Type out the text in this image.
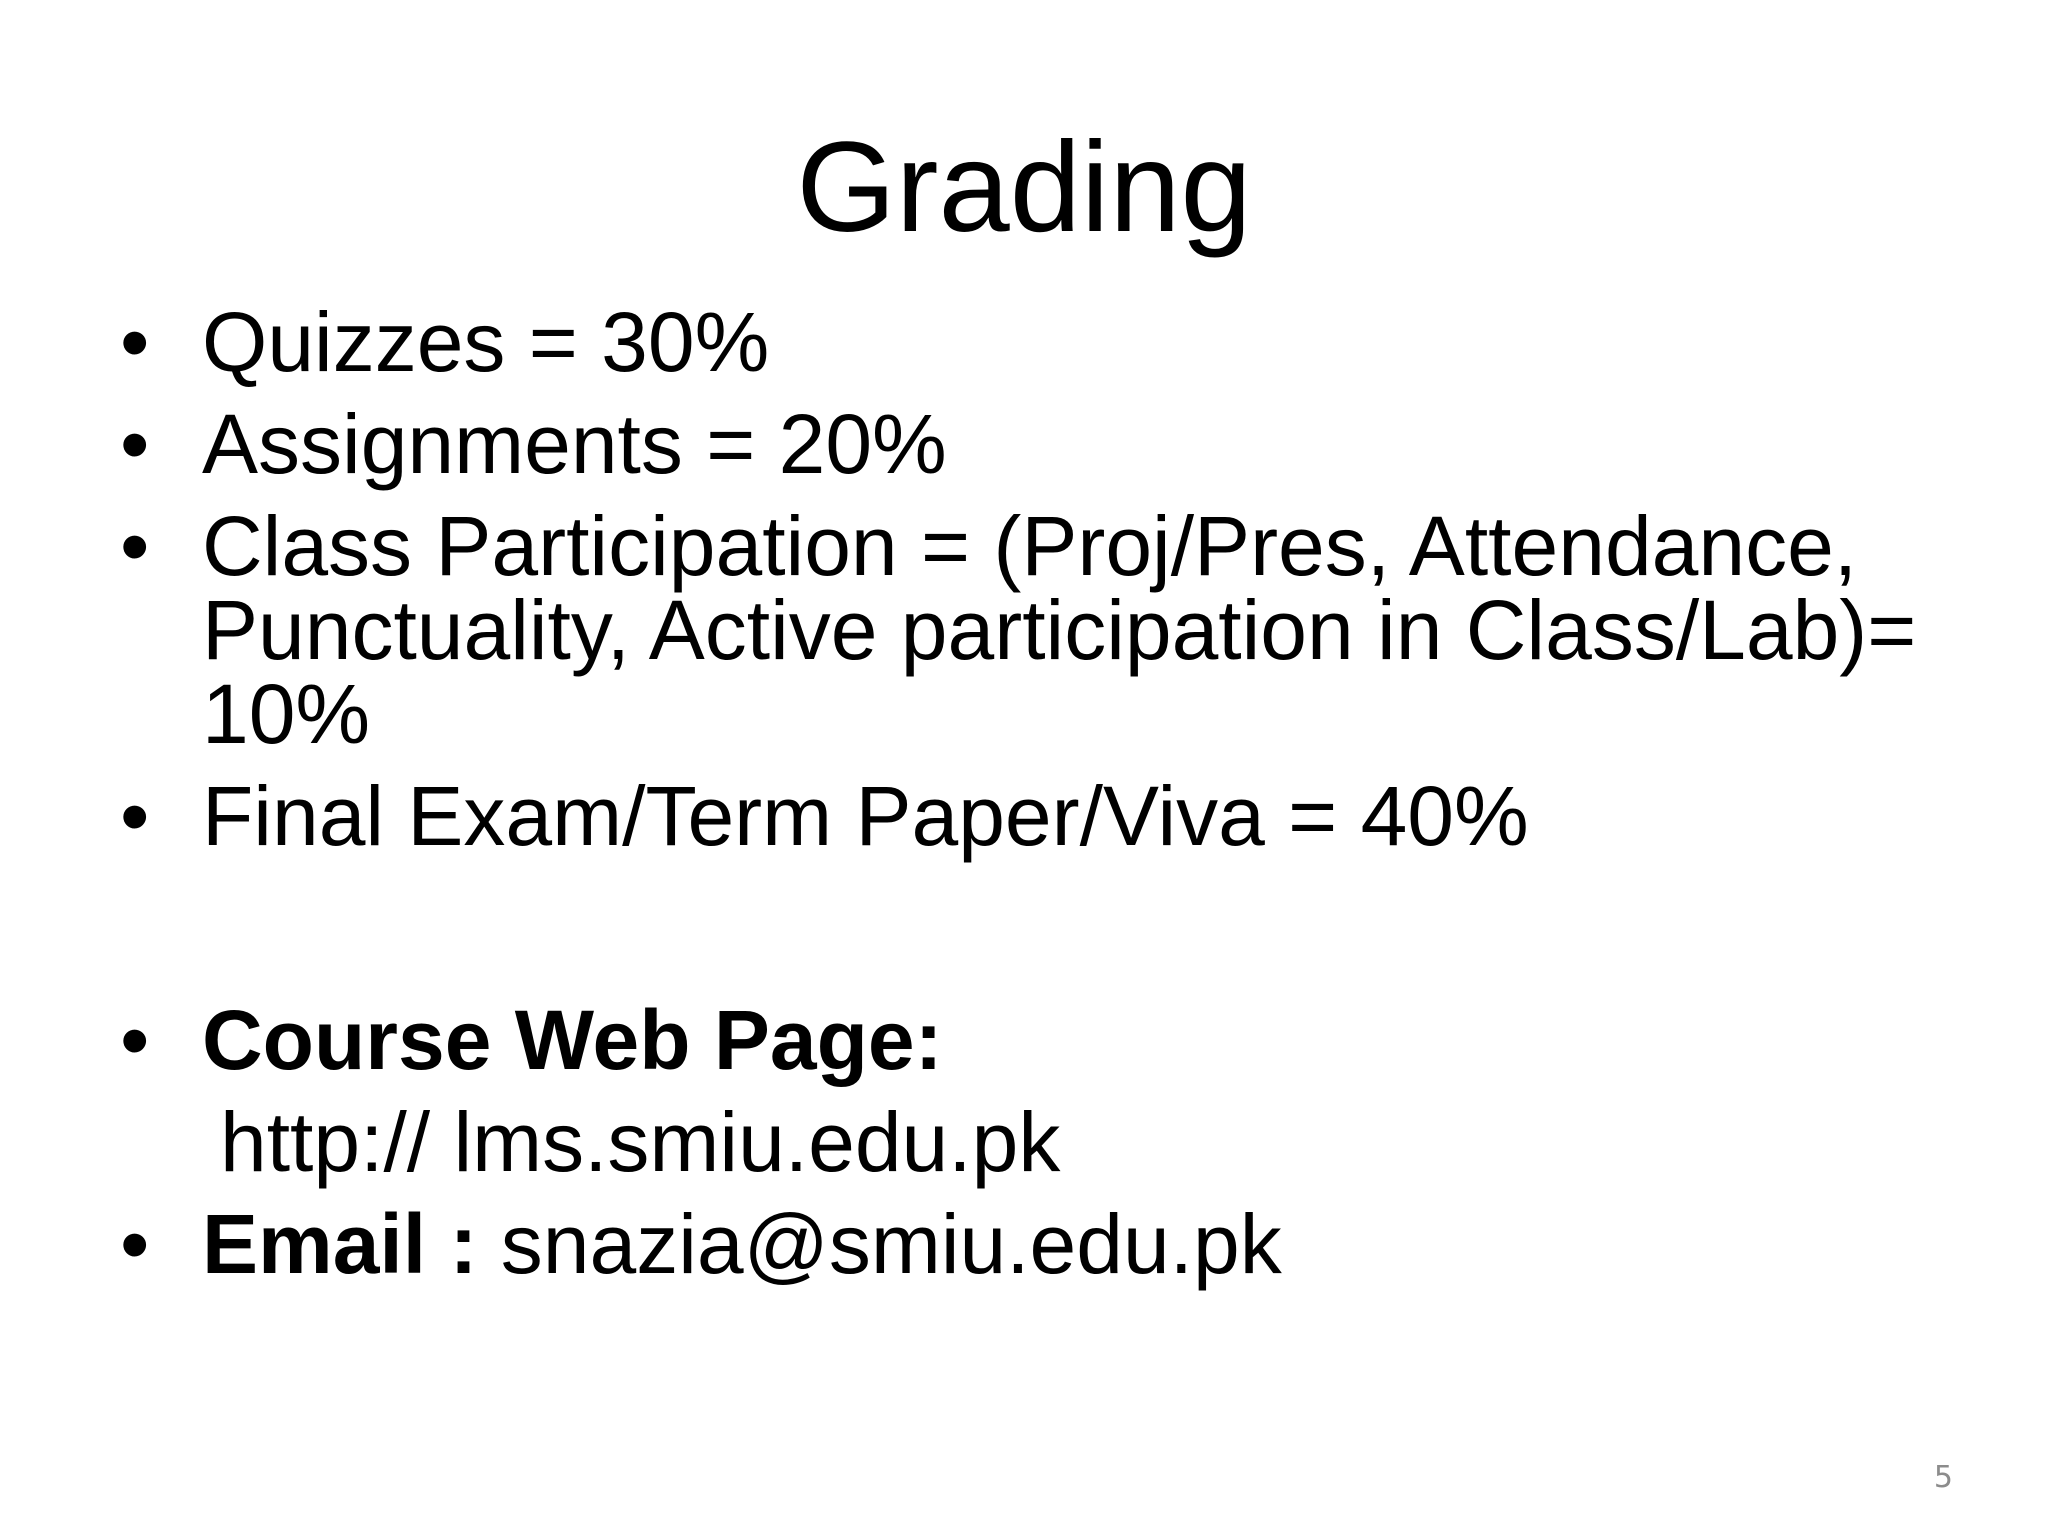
Grading
• Quizzes = 30%
• Assignments = 20%
• Class Participation = (Proj/Pres, Attendance, Punctuality, Active participation in Class/Lab)= 10%
• Final Exam/Term Paper/Viva = 40%
• Course Web Page:
http:// lms.smiu.edu.pk
• Email : snazia@smiu.edu.pk
5
